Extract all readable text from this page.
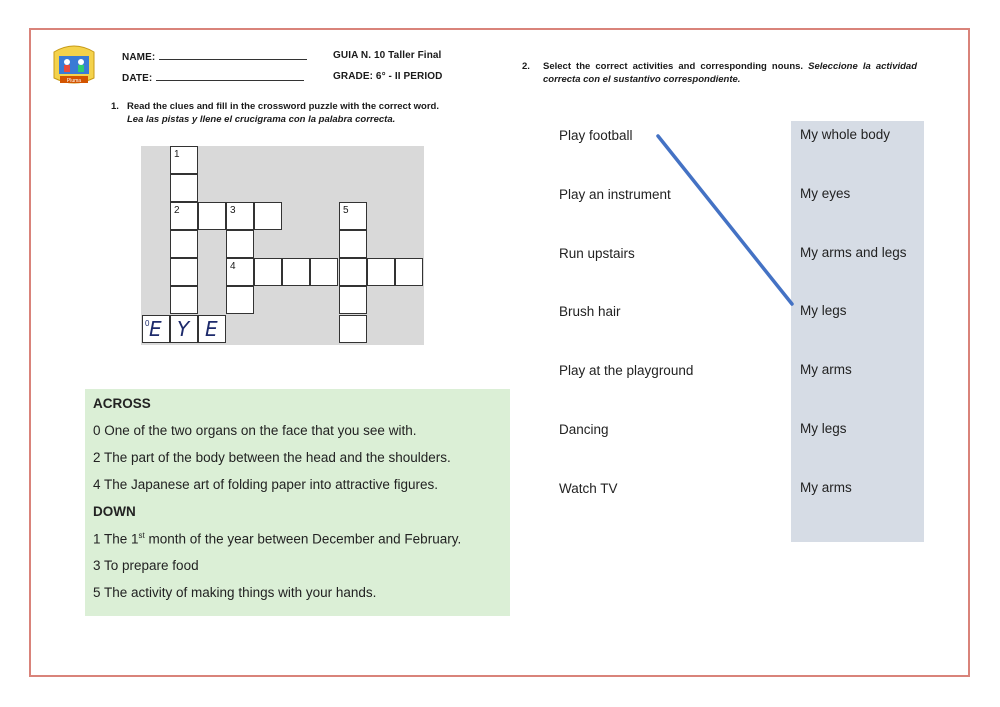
Pluma
NAME:
DATE:
GUIA N. 10 Taller Final
GRADE: 6° - II PERIOD
1. Read the clues and fill in the crossword puzzle with the correct word.
Lea las pistas y llene el crucigrama con la palabra correcta.
1
2	3	5
4
0 E Y E
ACROSS
0 One of the two organs on the face that you see with.
2 The part of the body between the head and the shoulders.
4 The Japanese art of folding paper into attractive figures.
DOWN
1 The 1st month of the year between December and February.
3 To prepare food
5 The activity of making things with your hands.
2. Select the correct activities and corresponding nouns. Seleccione la actividad correcta con el sustantivo correspondiente.
Play football
Play an instrument
Run upstairs
Brush hair
Play at the playground
Dancing
Watch TV
My whole body
My eyes
My arms and legs
My legs
My arms
My legs
My arms
